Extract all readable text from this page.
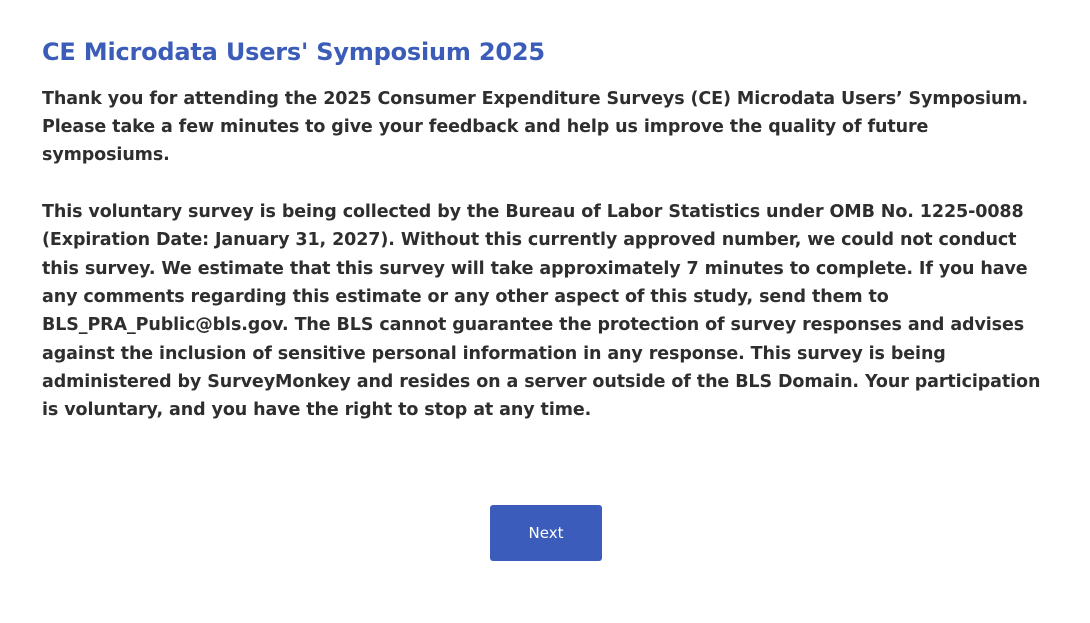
CE Microdata Users' Symposium 2025

Thank you for attending the 2025 Consumer Expenditure Surveys (CE) Microdata Users’ Symposium. Please take a few minutes to give your feedback and help us improve the quality of future symposiums.

This voluntary survey is being collected by the Bureau of Labor Statistics under OMB No. 1225-0088 (Expiration Date: January 31, 2027). Without this currently approved number, we could not conduct this survey. We estimate that this survey will take approximately 7 minutes to complete. If you have any comments regarding this estimate or any other aspect of this study, send them to BLS_PRA_Public@bls.gov. The BLS cannot guarantee the protection of survey responses and advises against the inclusion of sensitive personal information in any response. This survey is being administered by SurveyMonkey and resides on a server outside of the BLS Domain. Your participation is voluntary, and you have the right to stop at any time.

Next
